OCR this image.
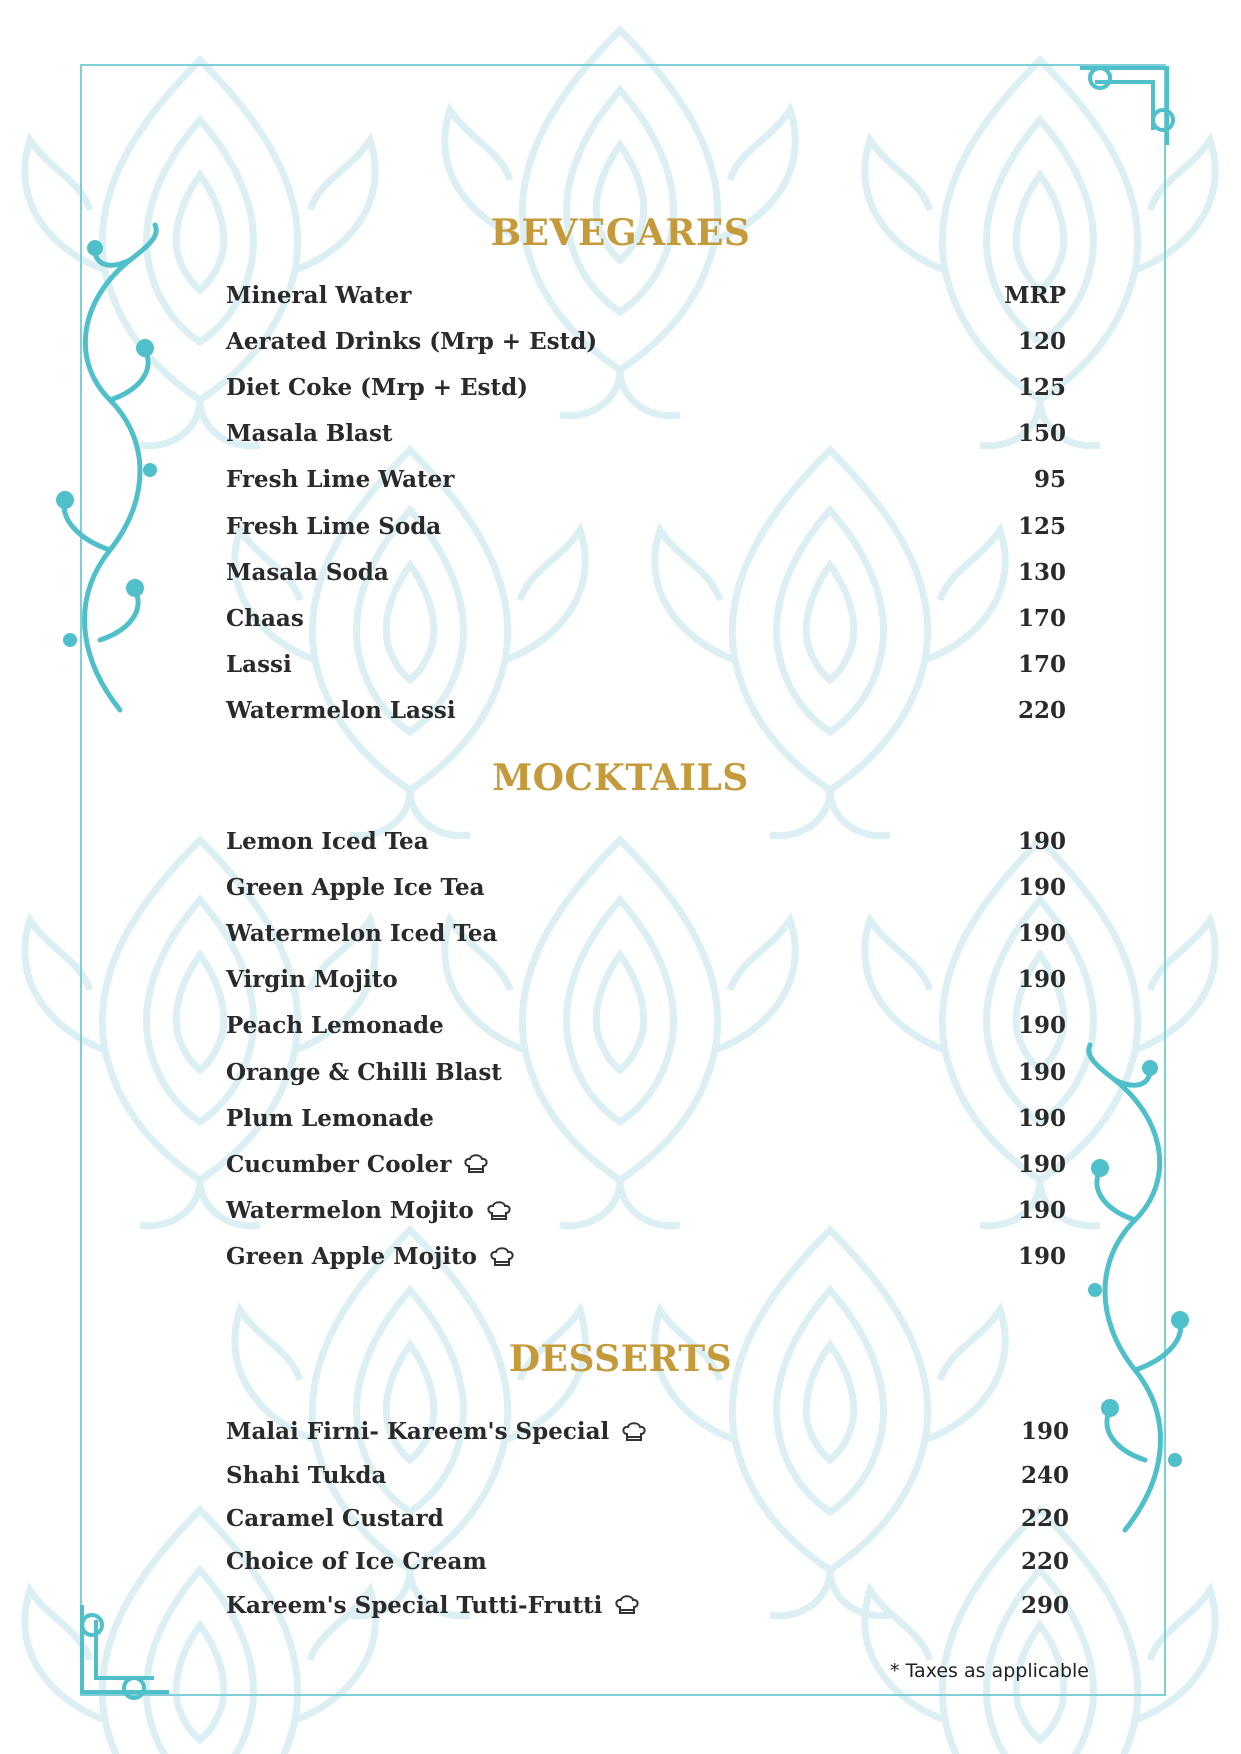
BEVEGARES
Mineral Water	MRP
Aerated Drinks (Mrp + Estd)	120
Diet Coke (Mrp + Estd)	125
Masala Blast	150
Fresh Lime Water	95
Fresh Lime Soda	125
Masala Soda	130
Chaas	170
Lassi	170
Watermelon Lassi	220
MOCKTAILS
Lemon Iced Tea	190
Green Apple Ice Tea	190
Watermelon Iced Tea	190
Virgin Mojito	190
Peach Lemonade	190
Orange & Chilli Blast	190
Plum Lemonade	190
Cucumber Cooler	190
Watermelon Mojito	190
Green Apple Mojito	190
DESSERTS
Malai Firni- Kareem's Special	190
Shahi Tukda	240
Caramel Custard	220
Choice of Ice Cream	220
Kareem's Special Tutti-Frutti	290
* Taxes as applicable
